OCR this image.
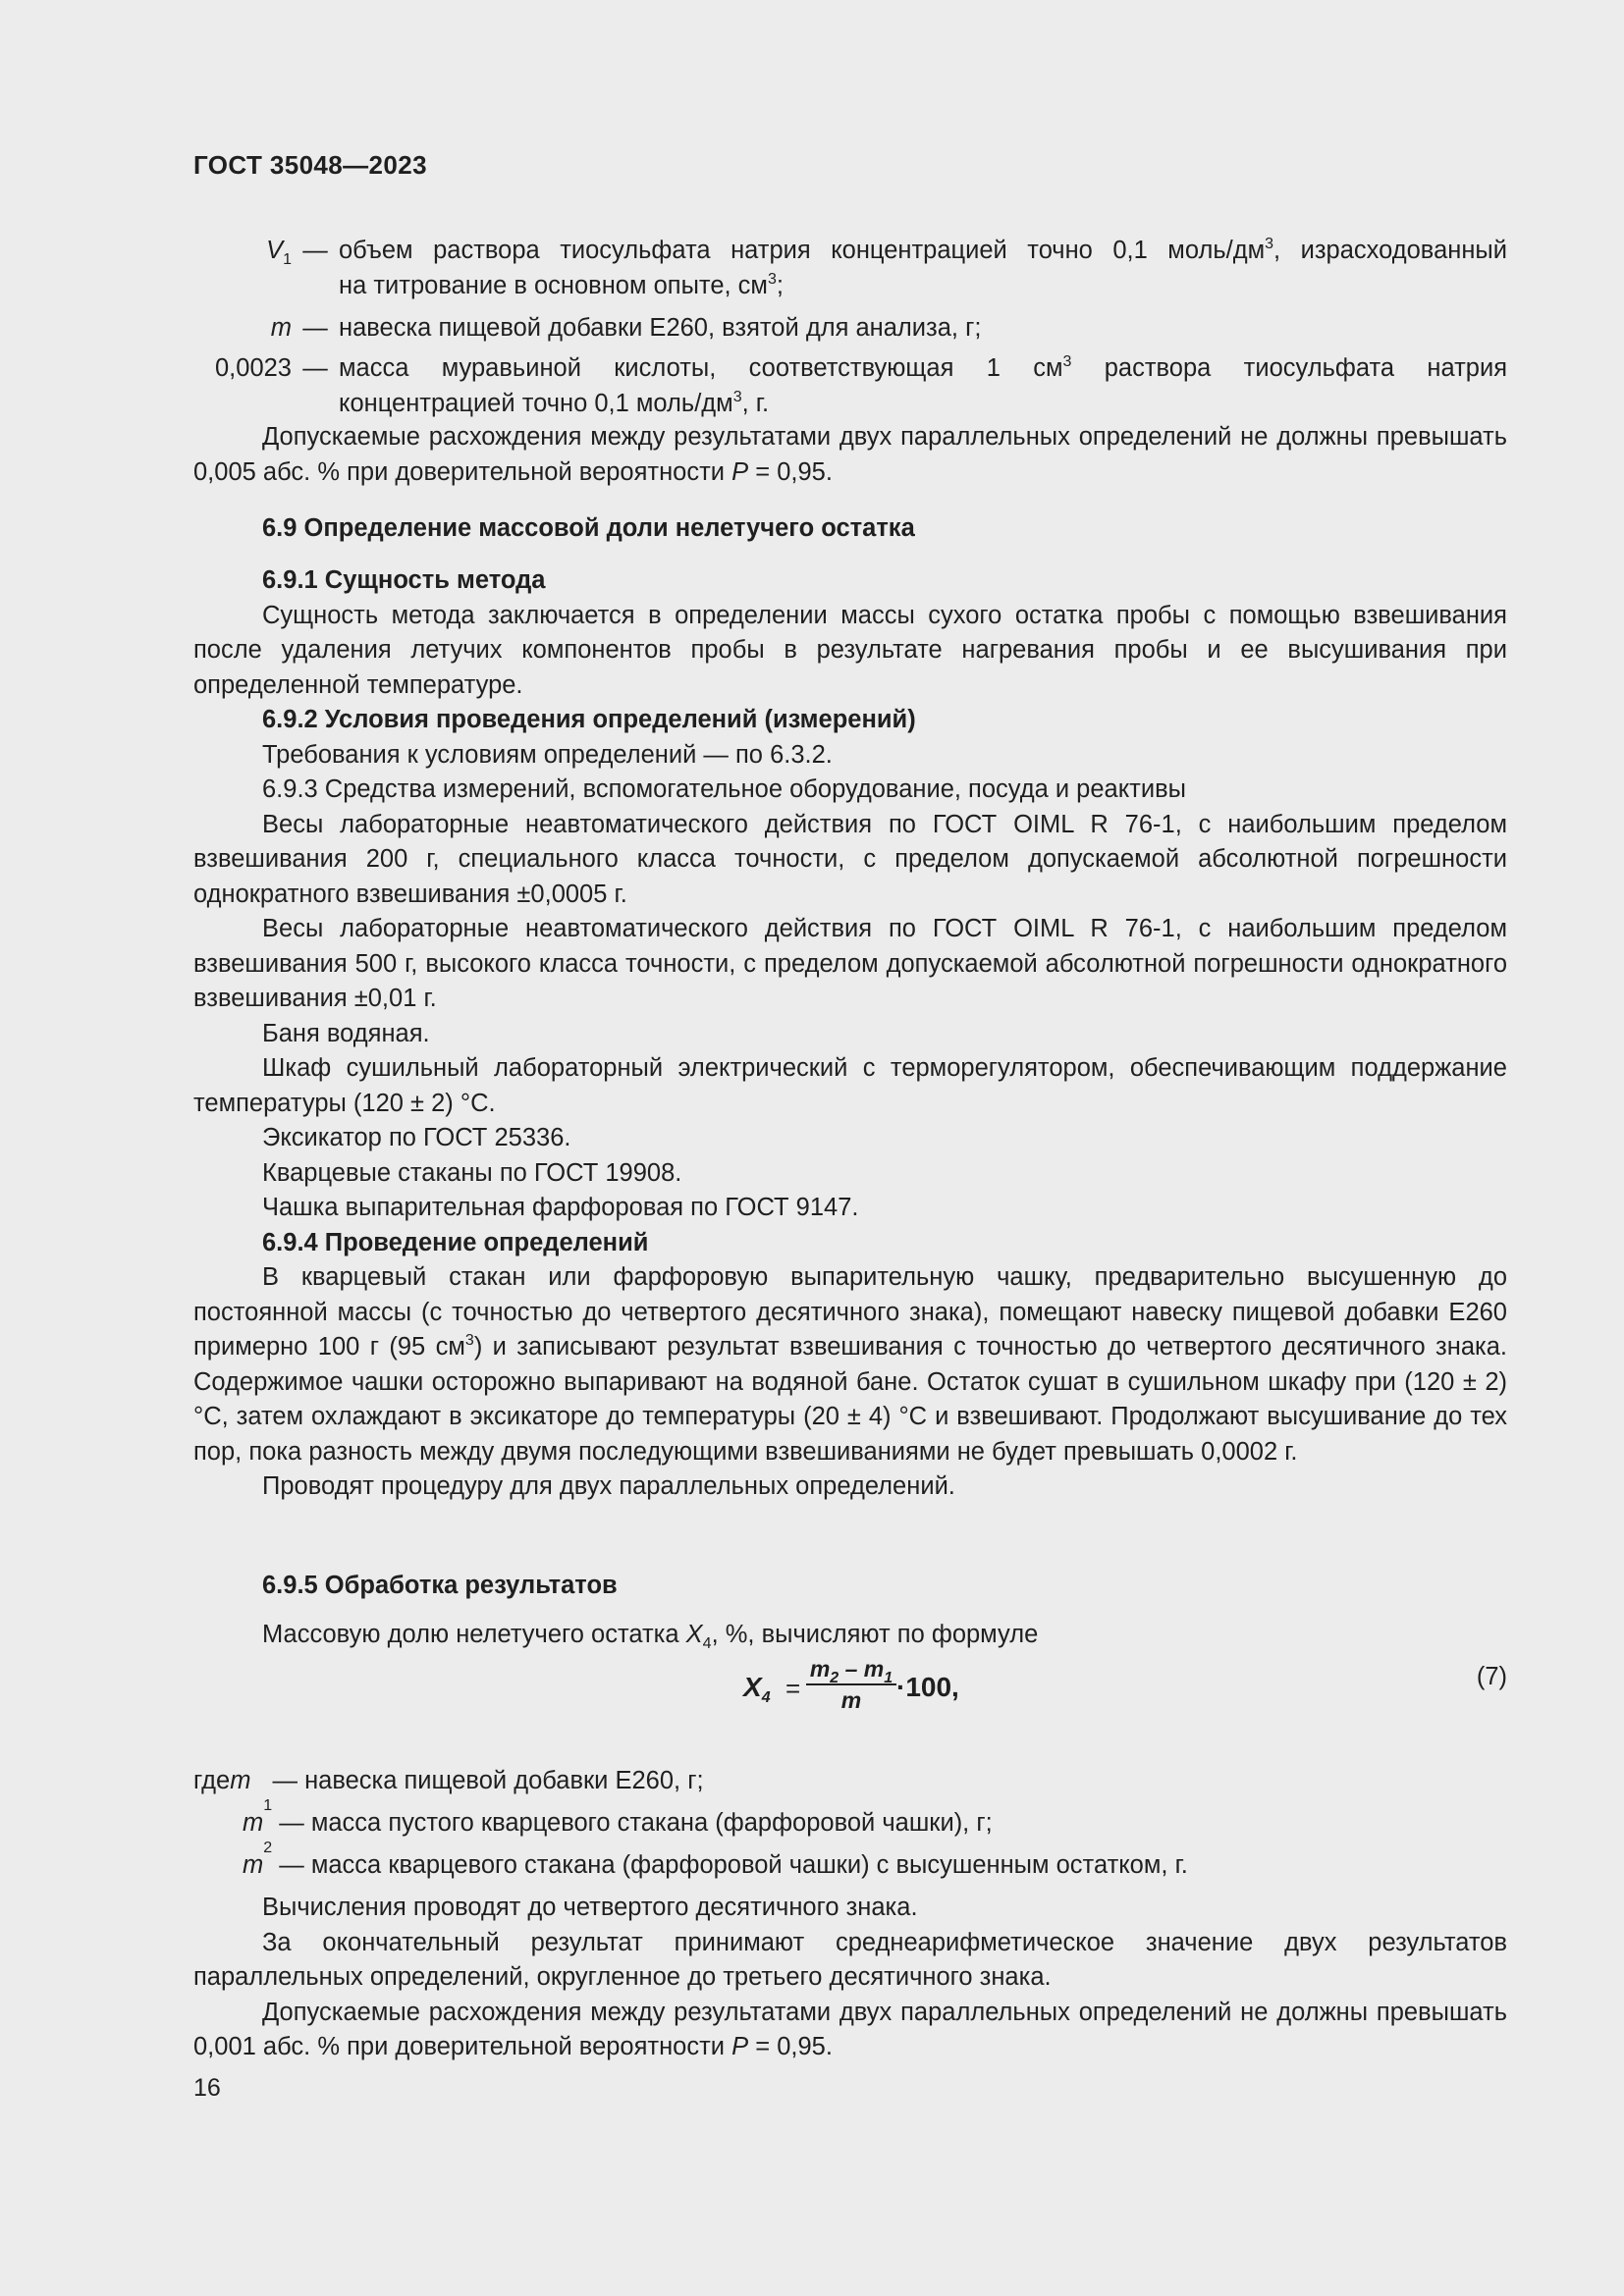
ГОСТ 35048—2023
$V_1$ — объем раствора тиосульфата натрия концентрацией точно 0,1 моль/$дм^3$, израсходованный
на титрование в основном опыте, $см^3$;
m — навеска пищевой добавки Е260, взятой для анализа, г;
0,0023 — масса муравьиной кислоты, соответствующая 1 $см^3$ раствора тиосульфата натрия
концентрацией точно 0,1 моль/$дм^3$, г.

Допускаемые расхождения между результатами двух параллельных определений не должны превышать 0,005 абс. % при доверительной вероятности P = 0,95.

6.9 Определение массовой доли нелетучего остатка

6.9.1 Сущность метода

Сущность метода заключается в определении массы сухого остатка пробы с помощью взвешивания после удаления летучих компонентов пробы в результате нагревания пробы и ее высушивания при определенной температуре.

6.9.2 Условия проведения определений (измерений)

Требования к условиям определений — по 6.3.2.

6.9.3 Средства измерений, вспомогательное оборудование, посуда и реактивы

Весы лабораторные неавтоматического действия по ГОСТ OIML R 76-1, с наибольшим пределом взвешивания 200 г, специального класса точности, с пределом допускаемой абсолютной погрешности однократного взвешивания ±0,0005 г.

Весы лабораторные неавтоматического действия по ГОСТ OIML R 76-1, с наибольшим пределом взвешивания 500 г, высокого класса точности, с пределом допускаемой абсолютной погрешности однократного взвешивания ±0,01 г.

Баня водяная.

Шкаф сушильный лабораторный электрический с терморегулятором, обеспечивающим поддержание температуры (120 ± 2) °С.

Эксикатор по ГОСТ 25336.

Кварцевые стаканы по ГОСТ 19908.

Чашка выпарительная фарфоровая по ГОСТ 9147.

6.9.4 Проведение определений

В кварцевый стакан или фарфоровую выпарительную чашку, предварительно высушенную до постоянной массы (с точностью до четвертого десятичного знака), помещают навеску пищевой добавки Е260 примерно 100 г (95 $см^3$) и записывают результат взвешивания с точностью до четвертого десятичного знака. Содержимое чашки осторожно выпаривают на водяной бане. Остаток сушат в сушильном шкафу при (120 ± 2) °С, затем охлаждают в эксикаторе до температуры (20 ± 4) °С и взвешивают. Продолжают высушивание до тех пор, пока разность между двумя последующими взвешиваниями не будет превышать 0,0002 г.

Проводят процедуру для двух параллельных определений.

6.9.5 Обработка результатов

Массовую долю нелетучего остатка $X_4$, %, вычисляют по формуле

$X_4 = \frac{m_2 - m_1}{m} \cdot 100$,	(7)
где m —
навеска пищевой добавки Е260, г;
m
1

—
масса пустого кварцевого стакана (фарфоровой чашки), г;
m
2

—
масса кварцевого стакана (фарфоровой чашки) с высушенным остатком, г.

Вычисления проводят до четвертого десятичного знака.

За окончательный результат принимают среднеарифметическое значение двух результатов параллельных определений, округленное до третьего десятичного знака.

Допускаемые расхождения между результатами двух параллельных определений не должны превышать 0,001 абс. % при доверительной вероятности P = 0,95.

16
